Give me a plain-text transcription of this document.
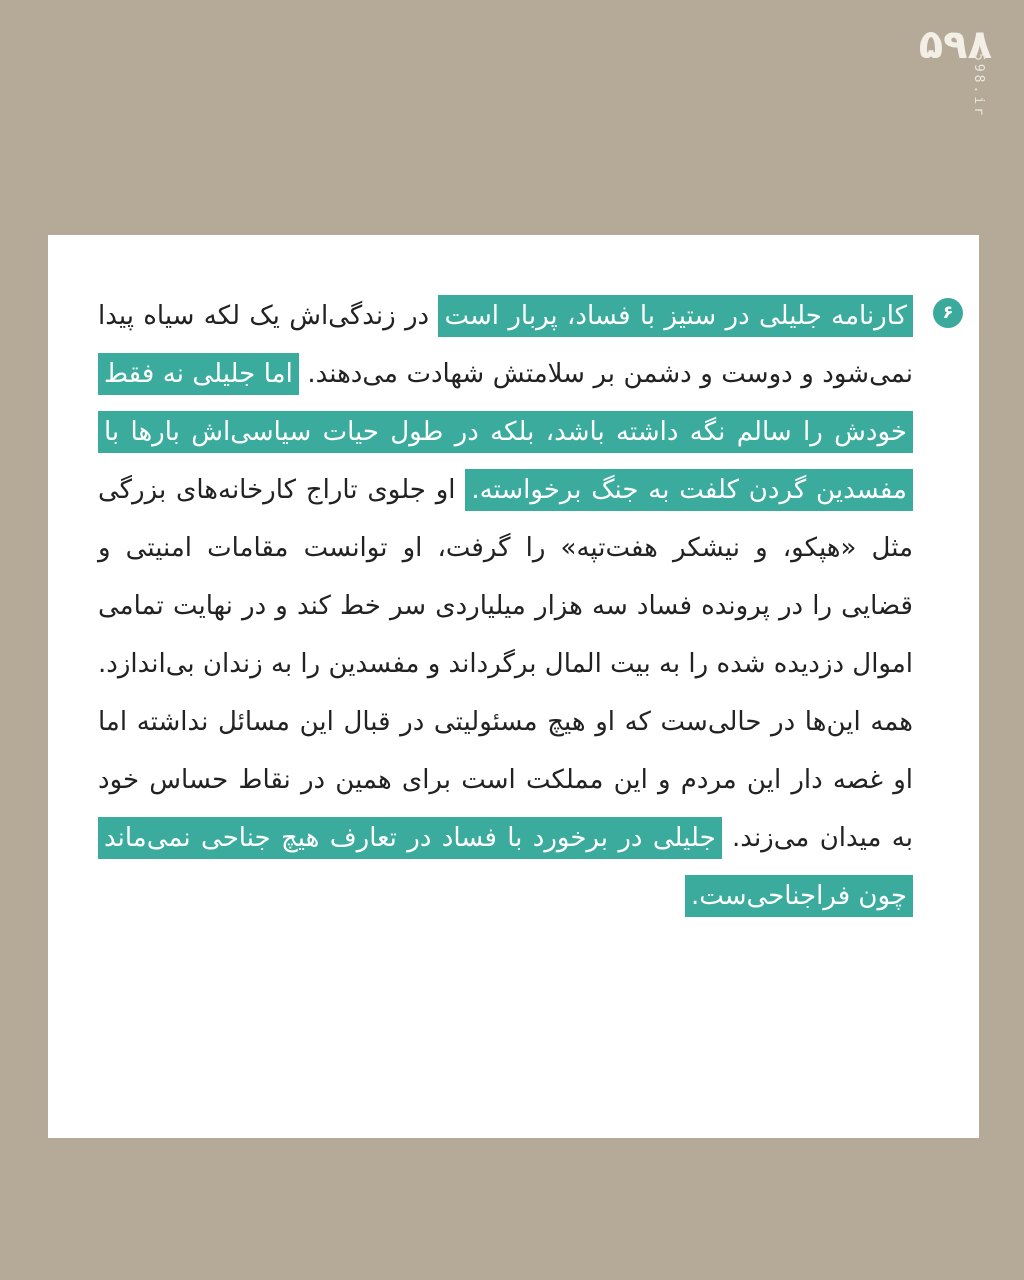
۵۹۸
598.ir
۶
کارنامه جلیلی در ستیز با فساد، پربار است در زندگی‌اش یک لکه سیاه پیدا نمی‌شود و دوست و دشمن بر سلامتش شهادت می‌دهند. اما جلیلی نه فقط خودش را سالم نگه داشته باشد، بلکه در طول حیات سیاسی‌اش بارها با مفسدین گردن کلفت به جنگ برخواسته. او جلوی تاراج کارخانه‌های بزرگی مثل «هپکو، و نیشکر هفت‌تپه» را گرفت، او توانست مقامات امنیتی و قضایی را در پرونده فساد سه هزار میلیاردی سر خط کند و در نهایت تمامی اموال دزدیده شده را به بیت المال برگرداند و مفسدین را به زندان بی‌اندازد. همه این‌ها در حالی‌ست که او هیچ مسئولیتی در قبال این مسائل نداشته اما او غصه دار این مردم و این مملکت است برای همین در نقاط حساس خود به میدان می‌زند. جلیلی در برخورد با فساد در تعارف هیچ جناحی نمی‌ماند چون فراجناحی‌ست.
